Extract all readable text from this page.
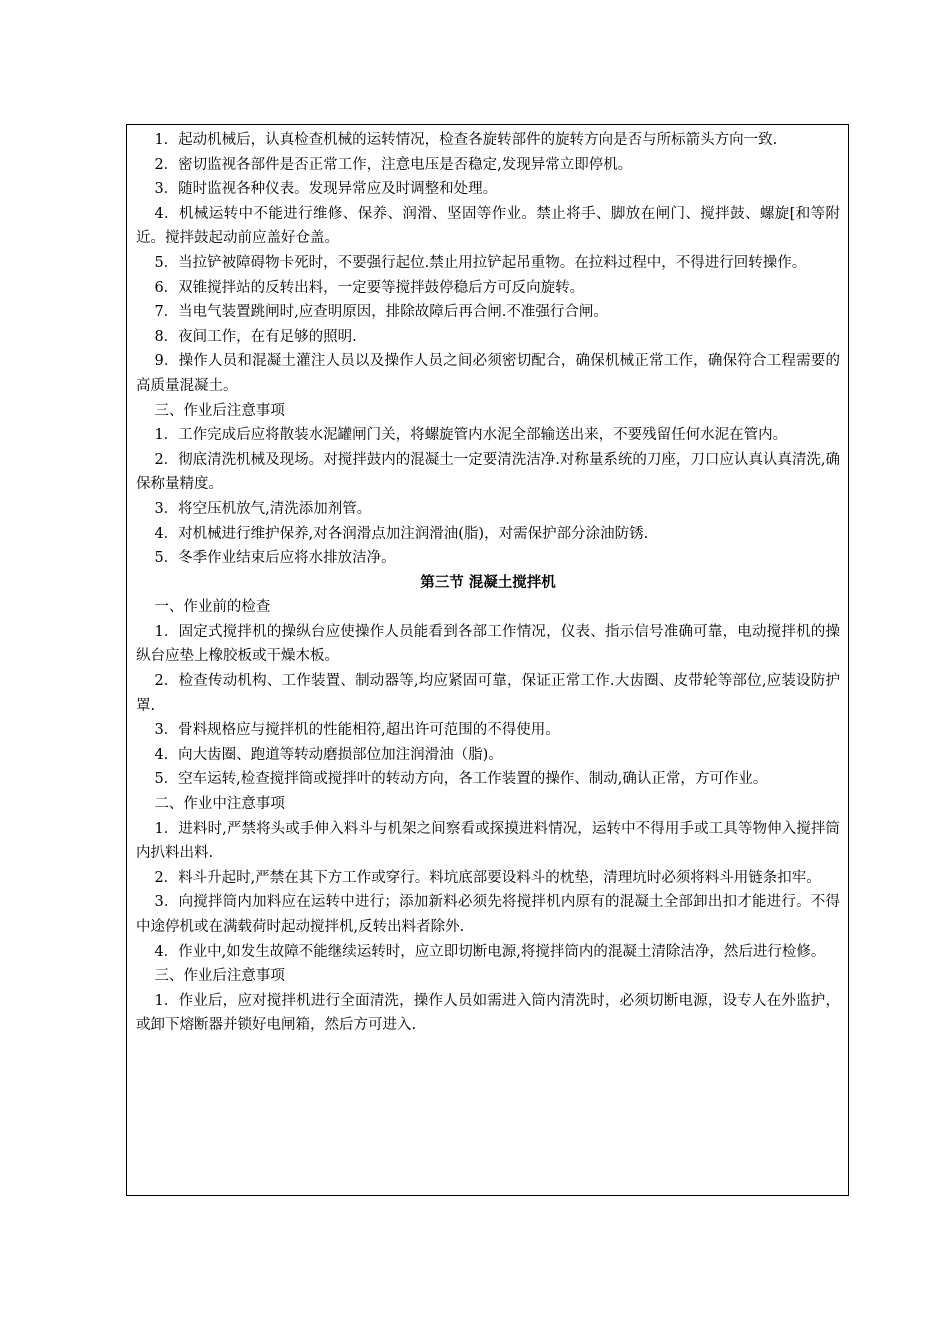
1．起动机械后，认真检查机械的运转情况，检查各旋转部件的旋转方向是否与所标箭头方向一致.

2．密切监视各部件是否正常工作，注意电压是否稳定,发现异常立即停机。

3．随时监视各种仪表。发现异常应及时调整和处理。

4．机械运转中不能进行维修、保养、润滑、坚固等作业。禁止将手、脚放在闸门、搅拌鼓、螺旋[和等附近。搅拌鼓起动前应盖好仓盖。

5．当拉铲被障碍物卡死时，不要强行起位.禁止用拉铲起吊重物。在拉料过程中，不得进行回转操作。

6．双锥搅拌站的反转出料，一定要等搅拌鼓停稳后方可反向旋转。

7．当电气装置跳闸时,应查明原因，排除故障后再合闸.不准强行合闸。

8．夜间工作，在有足够的照明.

9．操作人员和混凝土灌注人员以及操作人员之间必须密切配合，确保机械正常工作，确保符合工程需要的高质量混凝土。

三、作业后注意事项

1．工作完成后应将散装水泥罐闸门关，将螺旋管内水泥全部输送出来，不要残留任何水泥在管内。

2．彻底清洗机械及现场。对搅拌鼓内的混凝土一定要清洗洁净.对称量系统的刀座，刀口应认真认真清洗,确保称量精度。

3．将空压机放气,清洗添加剂管。

4．对机械进行维护保养,对各润滑点加注润滑油(脂)，对需保护部分涂油防锈.

5．冬季作业结束后应将水排放洁净。

第三节 混凝土搅拌机

一、作业前的检查

1．固定式搅拌机的操纵台应使操作人员能看到各部工作情况，仪表、指示信号准确可靠，电动搅拌机的操纵台应垫上橡胶板或干燥木板。

2．检查传动机构、工作装置、制动器等,均应紧固可靠，保证正常工作.大齿圈、皮带轮等部位,应装设防护罩.

3．骨料规格应与搅拌机的性能相符,超出许可范围的不得使用。

4．向大齿圈、跑道等转动磨损部位加注润滑油（脂)。

5．空车运转,检查搅拌筒或搅拌叶的转动方向，各工作装置的操作、制动,确认正常，方可作业。

二、作业中注意事项

1．进料时,严禁将头或手伸入料斗与机架之间察看或探摸进料情况，运转中不得用手或工具等物伸入搅拌筒内扒料出料.

2．料斗升起时,严禁在其下方工作或穿行。料坑底部要设料斗的枕垫，清理坑时必须将料斗用链条扣牢。

3．向搅拌筒内加料应在运转中进行；添加新料必须先将搅拌机内原有的混凝土全部卸出扣才能进行。不得中途停机或在满载荷时起动搅拌机,反转出料者除外.

4．作业中,如发生故障不能继续运转时，应立即切断电源,将搅拌筒内的混凝土清除洁净，然后进行检修。

三、作业后注意事项

1．作业后，应对搅拌机进行全面清洗，操作人员如需进入筒内清洗时，必须切断电源，设专人在外监护，或卸下熔断器并锁好电闸箱，然后方可进入.
